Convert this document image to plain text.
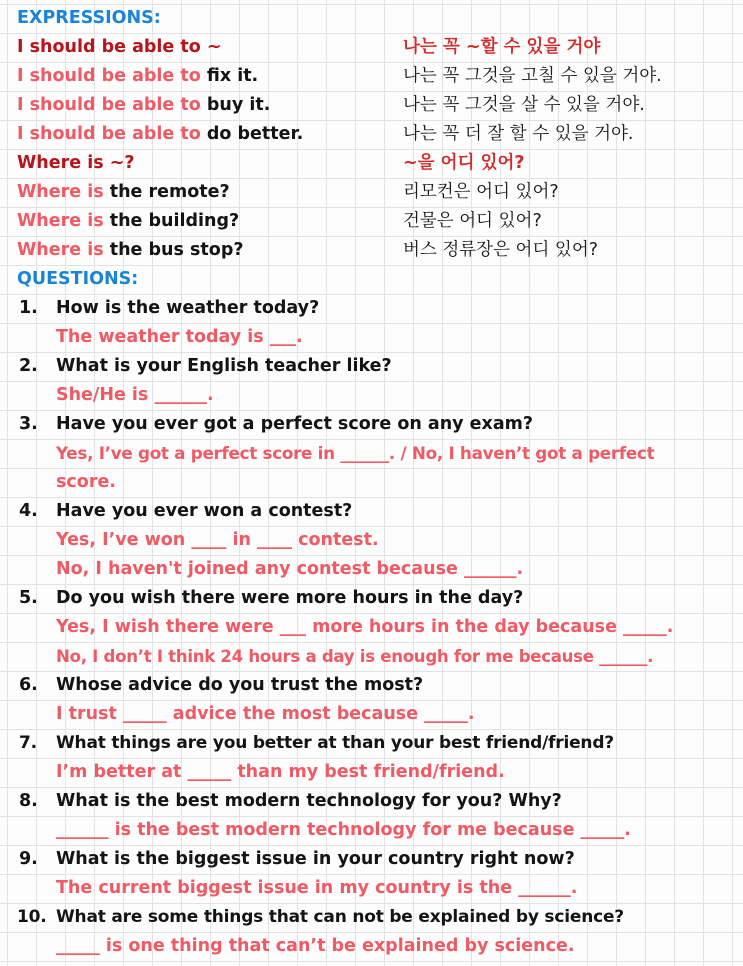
EXPRESSIONS:
I should be able to ~	나는 꼭 ~할 수 있을 거야
I should be able to fix it.	나는 꼭 그것을 고칠 수 있을 거야.
I should be able to buy it.	나는 꼭 그것을 살 수 있을 거야.
I should be able to do better.	나는 꼭 더 잘 할 수 있을 거야.
Where is ~?	~을 어디 있어?
Where is the remote?	리모컨은 어디 있어?
Where is the building?	건물은 어디 있어?
Where is the bus stop?	버스 정류장은 어디 있어?
QUESTIONS:
1. How is the weather today?
The weather today is ___.
2. What is your English teacher like?
She/He is ______.
3. Have you ever got a perfect score on any exam?
Yes, I’ve got a perfect score in ______. / No, I haven’t got a perfect
score.
4. Have you ever won a contest?
Yes, I’ve won ____ in ____ contest.
No, I haven't joined any contest because ______.
5. Do you wish there were more hours in the day?
Yes, I wish there were ___ more hours in the day because _____.
No, I don’t I think 24 hours a day is enough for me because ______.
6. Whose advice do you trust the most?
I trust _____ advice the most because _____.
7. What things are you better at than your best friend/friend?
I’m better at _____ than my best friend/friend.
8. What is the best modern technology for you? Why?
______ is the best modern technology for me because _____.
9. What is the biggest issue in your country right now?
The current biggest issue in my country is the ______.
10. What are some things that can not be explained by science?
_____ is one thing that can’t be explained by science.
